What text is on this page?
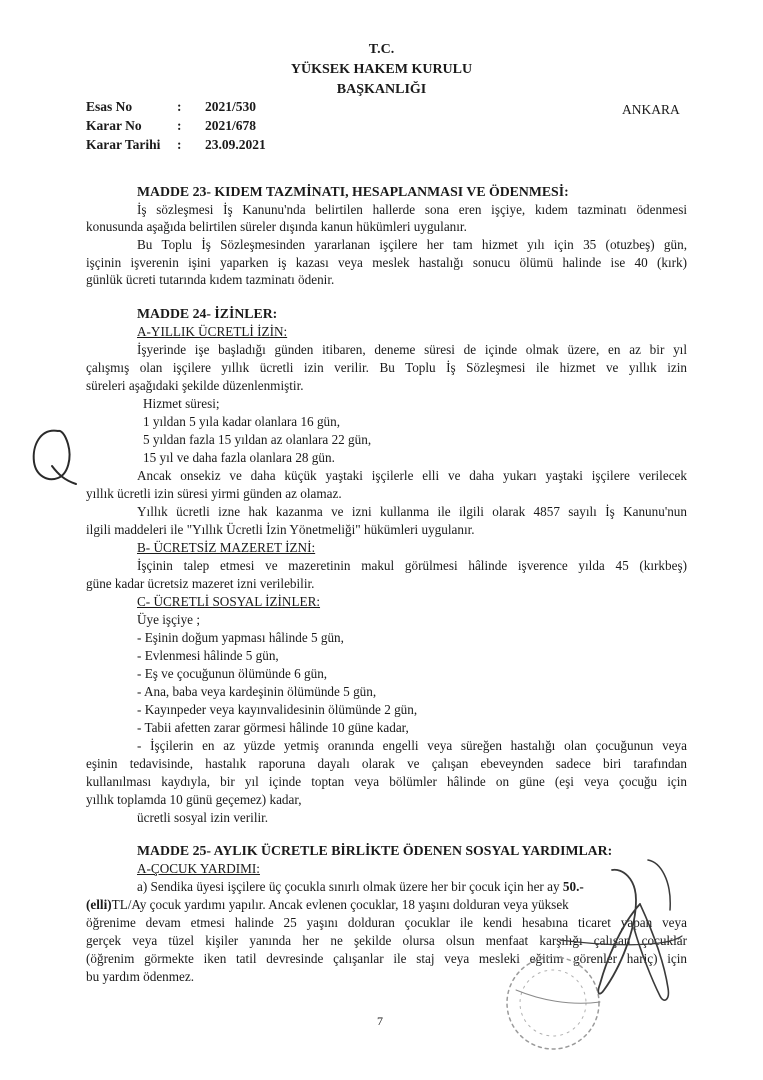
T.C.
YÜKSEK HAKEM KURULU
BAŞKANLIĞI
Esas No	: 2021/530
Karar No	: 2021/678
Karar Tarihi : 23.09.2021
ANKARA
MADDE 23- KIDEM TAZMİNATI, HESAPLANMASI VE ÖDENMESİ:
İş sözleşmesi İş Kanunu'nda belirtilen hallerde sona eren işçiye, kıdem tazminatı ödenmesi
konusunda aşağıda belirtilen süreler dışında kanun hükümleri uygulanır.
Bu Toplu İş Sözleşmesinden yararlanan işçilere her tam hizmet yılı için 35 (otuzbeş) gün,
işçinin işverenin işini yaparken iş kazası veya meslek hastalığı sonucu ölümü halinde ise 40 (kırk)
günlük ücreti tutarında kıdem tazminatı ödenir.
MADDE 24- İZİNLER:
A-YILLIK ÜCRETLİ İZİN:
İşyerinde işe başladığı günden itibaren, deneme süresi de içinde olmak üzere, en az bir yıl
çalışmış olan işçilere yıllık ücretli izin verilir. Bu Toplu İş Sözleşmesi ile hizmet ve yıllık izin
süreleri aşağıdaki şekilde düzenlenmiştir.
Hizmet süresi;
1 yıldan 5 yıla kadar olanlara 16 gün,
5 yıldan fazla 15 yıldan az olanlara 22 gün,
15 yıl ve daha fazla olanlara 28 gün.
Ancak onsekiz ve daha küçük yaştaki işçilerle elli ve daha yukarı yaştaki işçilere verilecek
yıllık ücretli izin süresi yirmi günden az olamaz.
Yıllık ücretli izne hak kazanma ve izni kullanma ile ilgili olarak 4857 sayılı İş Kanunu'nun
ilgili maddeleri ile "Yıllık Ücretli İzin Yönetmeliği" hükümleri uygulanır.
B- ÜCRETSİZ MAZERET İZNİ:
İşçinin talep etmesi ve mazeretinin makul görülmesi hâlinde işverence yılda 45 (kırkbeş)
güne kadar ücretsiz mazeret izni verilebilir.
C- ÜCRETLİ SOSYAL İZİNLER:
Üye işçiye ;
- Eşinin doğum yapması hâlinde 5 gün,
- Evlenmesi hâlinde 5 gün,
- Eş ve çocuğunun ölümünde 6 gün,
- Ana, baba veya kardeşinin ölümünde 5 gün,
- Kayınpeder veya kayınvalidesinin ölümünde 2 gün,
- Tabii afetten zarar görmesi hâlinde 10 güne kadar,
- İşçilerin en az yüzde yetmiş oranında engelli veya süreğen hastalığı olan çocuğunun veya
eşinin tedavisinde, hastalık raporuna dayalı olarak ve çalışan ebeveynden sadece biri tarafından
kullanılması kaydıyla, bir yıl içinde toptan veya bölümler hâlinde on güne (eşi veya çocuğu için
yıllık toplamda 10 günü geçemez) kadar,
ücretli sosyal izin verilir.
MADDE 25- AYLIK ÜCRETLE BİRLİKTE ÖDENEN SOSYAL YARDIMLAR:
A-ÇOCUK YARDIMI:
a) Sendika üyesi işçilere üç çocukla sınırlı olmak üzere her bir çocuk için her ay 50.-
(elli)TL/Ay çocuk yardımı yapılır. Ancak evlenen çocuklar, 18 yaşını dolduran veya yüksek
öğrenime devam etmesi halinde 25 yaşını dolduran çocuklar ile kendi hesabına ticaret yapan veya
gerçek veya tüzel kişiler yanında her ne şekilde olursa olsun menfaat karşılığı çalışan çocuklar
(öğrenim görmekte iken tatil devresinde çalışanlar ile staj veya mesleki eğitim görenler hariç) için
bu yardım ödenmez.
7
